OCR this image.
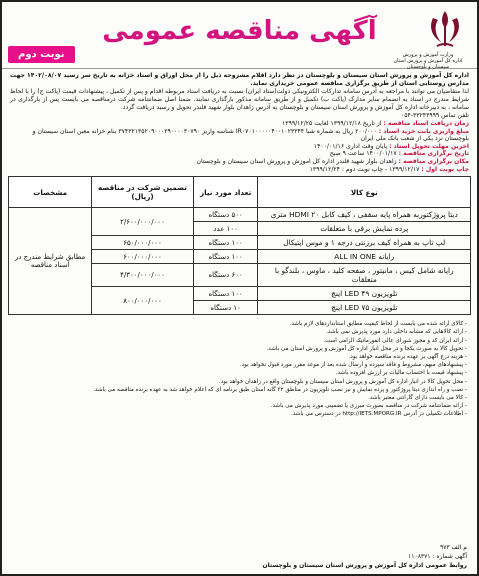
وزارت آموزش و پرورش
اداره کل آموزش و پرورش استان
سیستان و بلوچستان
آگهی مناقصه عمومی
نوبت دوم

اداره کل آموزش و پرورش استان سیستان و بلوچستان در نظر دارد اقلام مشروحه ذیل را از محل اوراق و اسناد خزانه به تاریخ سر رسید ۱۴۰۲/۰۸/۰۷ جهت مدارس روستایی استان از طریق برگزاری مناقصه عمومی خریداری نماید.

لذا متقاضیان می توانند با مراجعه به آدرس سامانه تدارکات الکترونیکی دولت(ستاد ایران) نسبت به دریافت اسناد مربوطه اقدام و پس از تکمیل ، پیشنهادات قیمت (پاکت ج) را با لحاظ شرایط مندرج در اسناد به انضمام سایر مدارک (پاکت ب) تکمیل و از طریق سامانه مذکور بارگذاری نمایند. ضمنا اصل ضمانتنامه شرکت درمناقصه می بایست پس از بارگذاری در سامانه ، به دبیرخانه اداره کل آموزش و پرورش استان سیستان و بلوچستان به آدرس زاهدان بلوار شهید قلندر تحویل و رسید دریافت گردد.

تلفن تماس ۳۳۲۴۳۹۹۹-۰۵۴

زمان دریافت اسناد مناقصه : از تاریخ ۱۳۹۹/۱۲/۱۸ لغایت ۱۳۹۹/۱۲/۲۵
مبلغ واریزی بابت خرید اسناد : ۲۰۰/۰۰۰ ریال به شماره شبا IR۰۷۰۱۰۰۰۰۰۴۰۰۱۰۲۳۳۴۴ شناسه واریز ۳۷۴۳۲۱۳۵۲۰۹۰۰۰۲۹۰۰۰۰۳۰۷۹۰ بنام خزانه معین استان سیستان و بلوچستان نزد یکی از شعب بانک ملی ایران
آخرین مهلت تحویل اسناد : پایان وقت اداری ۱۴۰۰/۰۱/۱۶
تاریخ برگزاری مناقصه : ۱۴۰۰/۰۱/۱۷ ساعت ۹ صبح
مکان برگزاری مناقصه : زاهدان بلوار شهید قلندر اداره کل آموزش و پرورش استان سیستان و بلوچستان
چاپ نوبت اول : ۱۳۹۹/۱۲/۱۷ - چاپ نوبت دوم : ۱۳۹۹/۱۲/۲۴
نوع کالا	تعداد مورد نیاز	تضمین شرکت در مناقصه (ریال)	مشخصات
دیتا پروژکتوربه همراه پایه سقفی ، کیف کابل HDMI ۲۰ متری	۵۰۰ دستگاه	۲/۶۰۰/۰۰۰/۰۰۰	مطابق شرایط مندرج در اسناد مناقصه
پرده نمایش برقی با متعلقات	۱۰۰ عدد		
لپ تاپ به همراه کیف برزنتی درجه ۱ و موس اپتیکال	۱۰۰ دستگاه	۶۵۰/۰۰۰/۰۰۰	
رایانه ALL IN ONE	۱۰۰ دستگاه	۶۰۰/۰۰۰/۰۰۰	
رایانه شامل کیس ، مانیتور ، صفحه کلید ، ماوس ، بلندگو با متعلقات	۶۰۰ دستگاه	۴/۳۰۰/۰۰۰/۰۰۰	
تلویزیون LED ۴۹ اینچ	۱۰۰ دستگاه	۸۰۰/۰۰۰/۰۰۰	
تلویزیون LED ۷۵ اینچ	۱۰ دستگاه		
- کالای ارائه شده می بایست از لحاظ کیفیت مطابق استانداردهای لازم باشد.
- ارائه کالاهایی که مشابه داخلی دارد مورد پذیرش نمی باشد.
- ارائه ایران کد و مجوز شورای عالی انفورماتیک الزامی است.
- تحویل کالا به صورت یکجا و در محل انبار اداره کل آموزش و پرورش استان می باشد.
- هزینه درج آگهی بر عهده برنده مناقصه خواهد بود.
- پیشنهادهای مبهم، مشروط و فاقد سپرده و ارسال شده بعد از موعد مقرر مورد قبول نخواهد بود.
- پیشنهاد قیمت با احتساب مالیات بر ارزش افزوده باشد.
- محل تحویل کالا در انبار اداره کل آموزش و پرورش استان سیستان و بلوچستان واقع در زاهدان خواهد بود.
- نصب و راه اندازی دیتا پروژکتور و پرده نمایش و نیز نصب تلویزیون در مناطق ۳۲ گانه استان طبق برنامه ای که اعلام خواهد شد به عهده برنده مناقصه می باشد.
- کالا می بایست دارای گارانتی معتبر باشد.
- ارائه ضمانتنامه شرکت در مناقصه بصورت مبرزی یا تضمینی مورد پذیرش می باشد.
- اطلاعات تکمیلی در آدرس http://IETS.MPORG.IR در دسترس می باشد.
م الف ۹۷۳
آگهی شماره : ۱۱۰۸۳۷۱
روابط عمومی اداره کل آموزش و پرورش استان سیستان و بلوچستان
